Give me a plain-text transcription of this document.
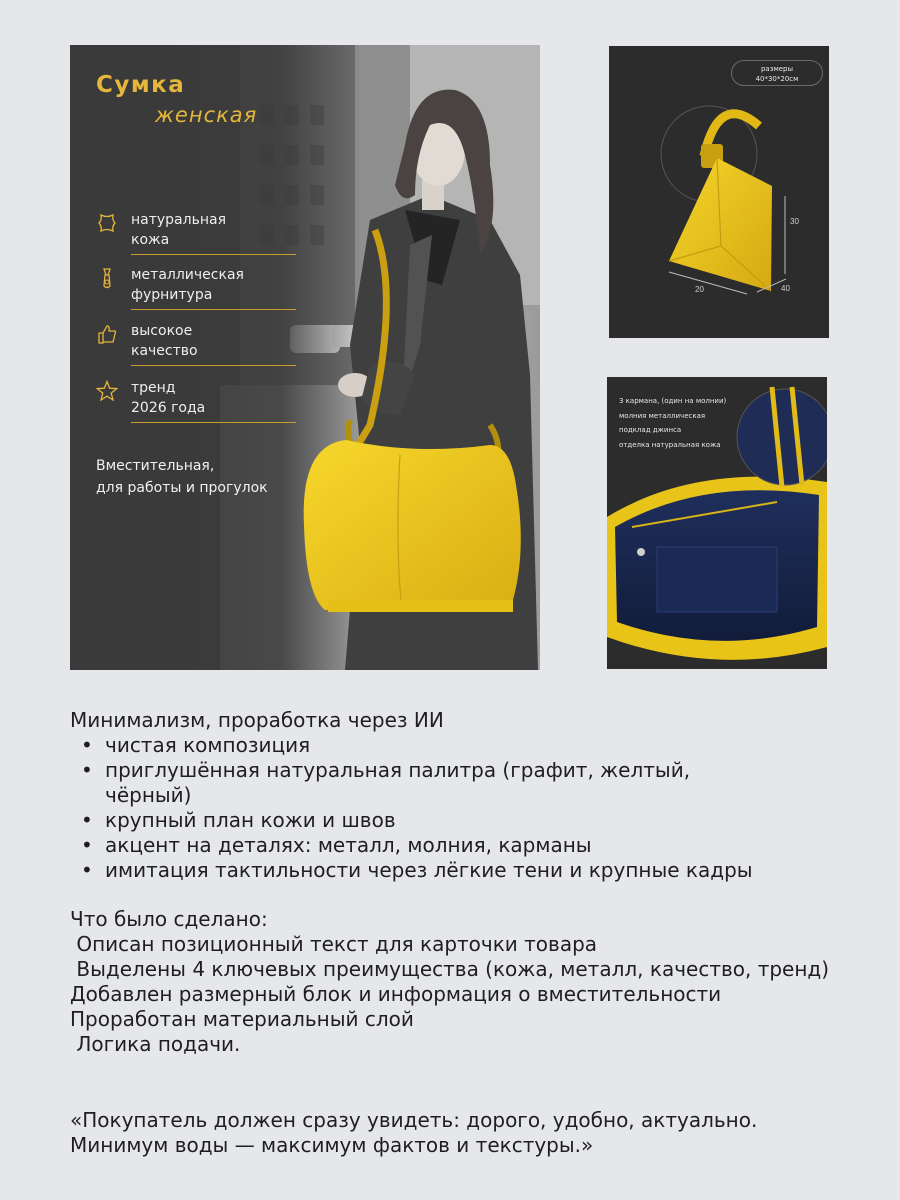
Сумка
женская
натуральная
кожа
металлическая
фурнитура
высокое
качество
тренд
2026 года
Вместительная,
для работы и прогулок
30
20	40
размеры
40*30*20см
3 кармана, (один на молнии)
молния металлическая
подклад джинса
отделка натуральная кожа
Минимализм, проработка через ИИ
• чистая композиция
• приглушённая натуральная палитра (графит, желтый,
чёрный)
• крупный план кожи и швов
• акцент на деталях: металл, молния, карманы
• имитация тактильности через лёгкие тени и крупные кадры
Что было сделано:
Описан позиционный текст для карточки товара
Выделены 4 ключевых преимущества (кожа, металл, качество, тренд)
Добавлен размерный блок и информация о вместительности
Проработан материальный слой
Логика подачи.
«Покупатель должен сразу увидеть: дорого, удобно, актуально. Минимум воды — максимум фактов и текстуры.»
